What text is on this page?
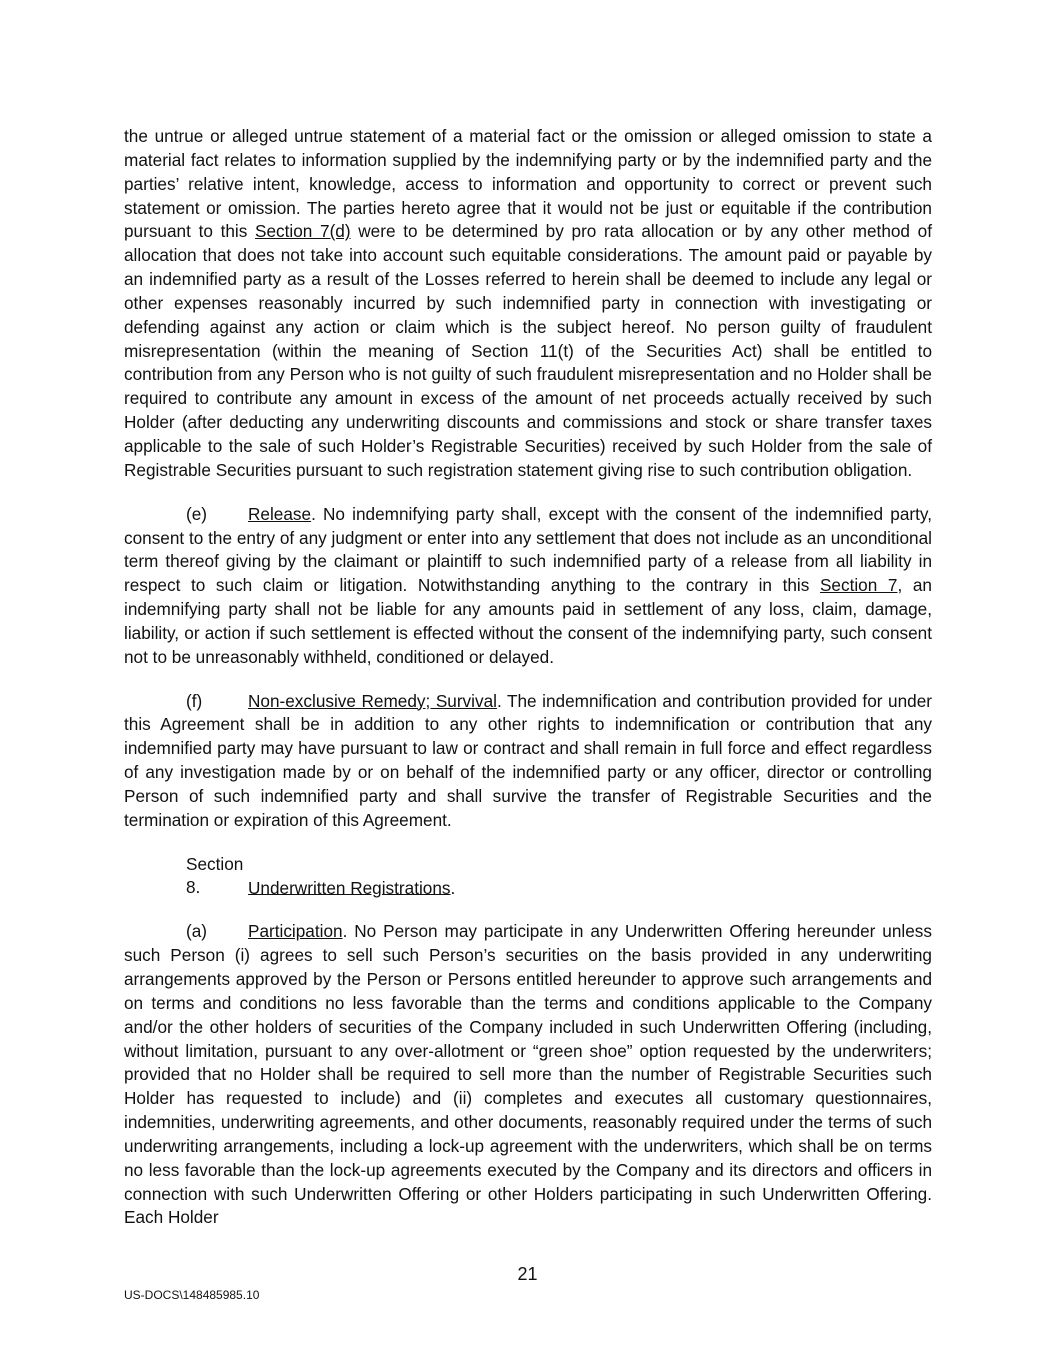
the untrue or alleged untrue statement of a material fact or the omission or alleged omission to state a material fact relates to information supplied by the indemnifying party or by the indemnified party and the parties’ relative intent, knowledge, access to information and opportunity to correct or prevent such statement or omission. The parties hereto agree that it would not be just or equitable if the contribution pursuant to this Section 7(d) were to be determined by pro rata allocation or by any other method of allocation that does not take into account such equitable considerations. The amount paid or payable by an indemnified party as a result of the Losses referred to herein shall be deemed to include any legal or other expenses reasonably incurred by such indemnified party in connection with investigating or defending against any action or claim which is the subject hereof. No person guilty of fraudulent misrepresentation (within the meaning of Section 11(t) of the Securities Act) shall be entitled to contribution from any Person who is not guilty of such fraudulent misrepresentation and no Holder shall be required to contribute any amount in excess of the amount of net proceeds actually received by such Holder (after deducting any underwriting discounts and commissions and stock or share transfer taxes applicable to the sale of such Holder’s Registrable Securities) received by such Holder from the sale of Registrable Securities pursuant to such registration statement giving rise to such contribution obligation.

(e) Release. No indemnifying party shall, except with the consent of the indemnified party, consent to the entry of any judgment or enter into any settlement that does not include as an unconditional term thereof giving by the claimant or plaintiff to such indemnified party of a release from all liability in respect to such claim or litigation. Notwithstanding anything to the contrary in this Section 7, an indemnifying party shall not be liable for any amounts paid in settlement of any loss, claim, damage, liability, or action if such settlement is effected without the consent of the indemnifying party, such consent not to be unreasonably withheld, conditioned or delayed.

(f)	Non-exclusive Remedy; Survival. The indemnification and contribution provided for under this Agreement shall be in addition to any other rights to indemnification or contribution that any indemnified party may have pursuant to law or contract and shall remain in full force and effect regardless of any investigation made by or on behalf of the indemnified party or any officer, director or controlling Person of such indemnified party and shall survive the transfer of Registrable Securities and the termination or expiration of this Agreement.

Section 8.	Underwritten Registrations.

(a) Participation. No Person may participate in any Underwritten Offering hereunder unless such Person (i) agrees to sell such Person’s securities on the basis provided in any underwriting arrangements approved by the Person or Persons entitled hereunder to approve such arrangements and on terms and conditions no less favorable than the terms and conditions applicable to the Company and/or the other holders of securities of the Company included in such Underwritten Offering (including, without limitation, pursuant to any over-allotment or “green shoe” option requested by the underwriters; provided that no Holder shall be required to sell more than the number of Registrable Securities such Holder has requested to include) and (ii) completes and executes all customary questionnaires, indemnities, underwriting agreements, and other documents, reasonably required under the terms of such underwriting arrangements, including a lock-up agreement with the underwriters, which shall be on terms no less favorable than the lock-up agreements executed by the Company and its directors and officers in connection with such Underwritten Offering or other Holders participating in such Underwritten Offering. Each Holder

21
US-DOCS\148485985.10
